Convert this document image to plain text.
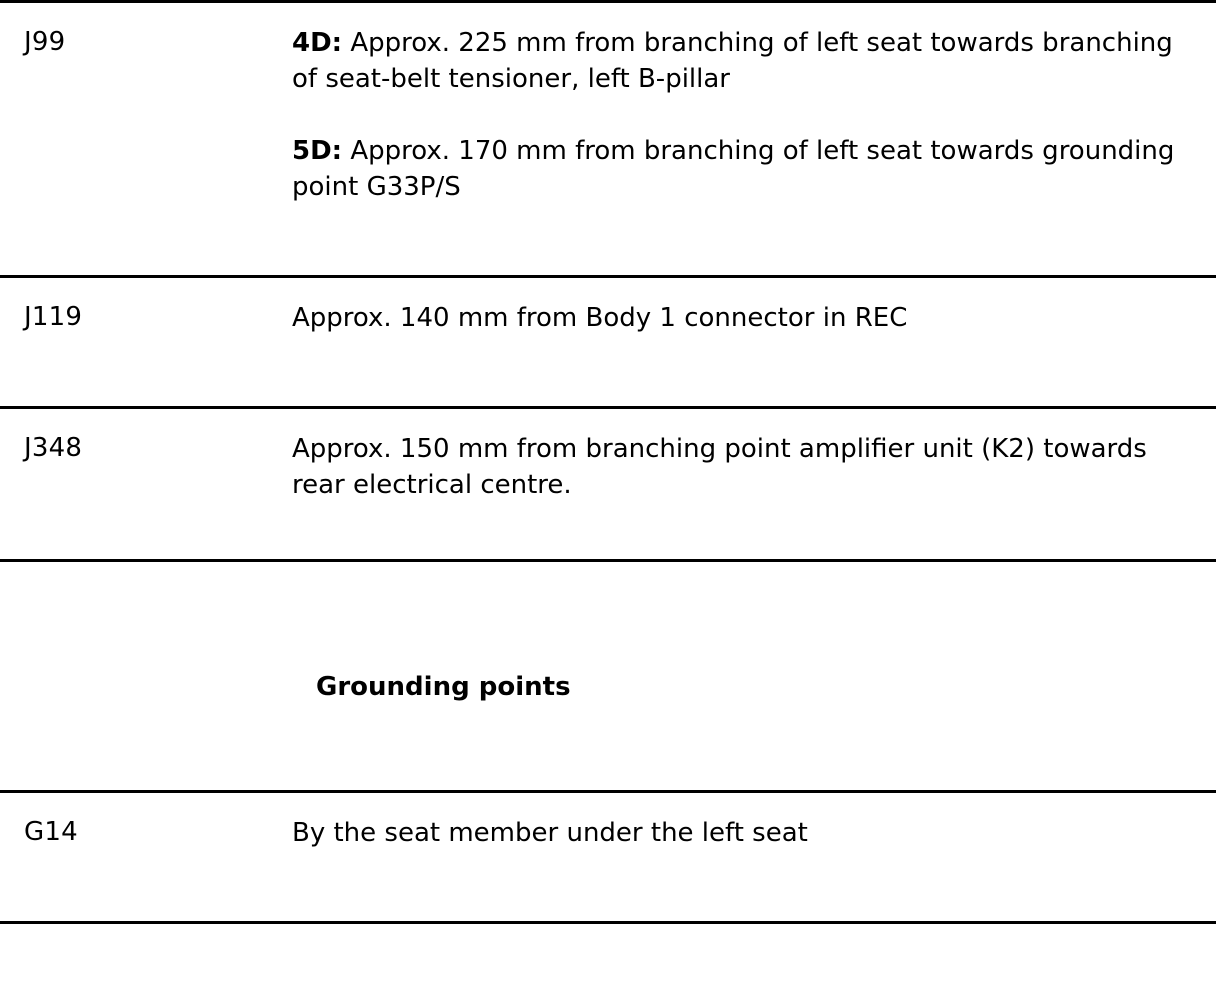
J99	4D: Approx. 225 mm from branching of left seat towards branching of seat-belt tensioner, left B-pillar
5D: Approx. 170 mm from branching of left seat towards grounding point G33P/S
J119	Approx. 140 mm from Body 1 connector in REC
J348	Approx. 150 mm from branching point amplifier unit (K2) towards rear electrical centre.
Grounding points
G14	By the seat member under the left seat
